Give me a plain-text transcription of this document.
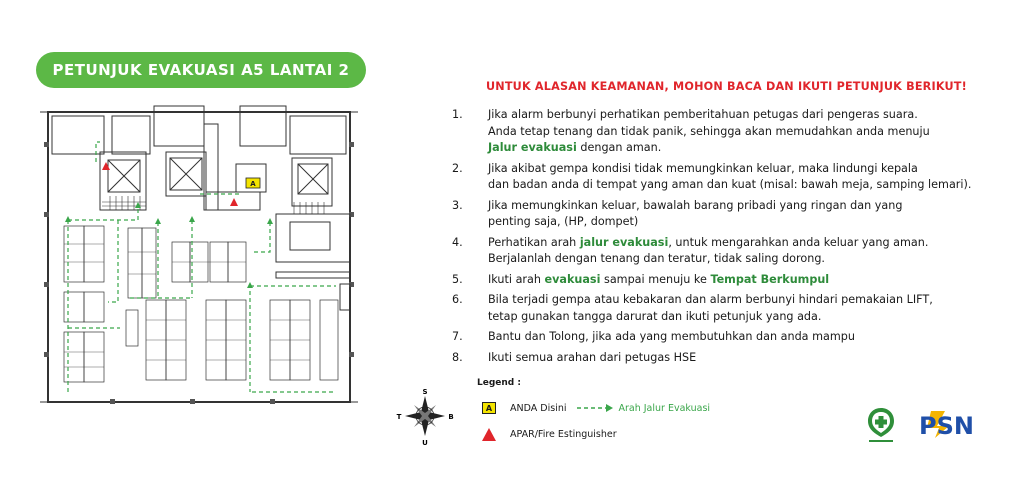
PETUNJUK EVAKUASI A5 LANTAI 2
A
UNTUK ALASAN KEAMANAN, MOHON BACA DAN IKUTI PETUNJUK BERIKUT!
1. Jika alarm berbunyi perhatikan pemberitahuan petugas dari pengeras suara.
Anda tetap tenang dan tidak panik, sehingga akan memudahkan anda menuju
Jalur evakuasi dengan aman.
2. Jika akibat gempa kondisi tidak memungkinkan keluar, maka lindungi kepala
dan badan anda di tempat yang aman dan kuat (misal: bawah meja, samping lemari).
3. Jika memungkinkan keluar, bawalah barang pribadi yang ringan dan yang
penting saja, (HP, dompet)
4. Perhatikan arah jalur evakuasi, untuk mengarahkan anda keluar yang aman.
Berjalanlah dengan tenang dan teratur, tidak saling dorong.
5. Ikuti arah evakuasi sampai menuju ke Tempat Berkumpul
6. Bila terjadi gempa atau kebakaran dan alarm berbunyi hindari pemakaian LIFT,
tetap gunakan tangga darurat dan ikuti petunjuk yang ada.
7. Bantu dan Tolong, jika ada yang membutuhkan dan anda mampu
8. Ikuti semua arahan dari petugas HSE
S
U
T	B
Legend :
A	ANDA Disini	Arah Jalur Evakuasi
APAR/Fire Estinguisher	PSN
